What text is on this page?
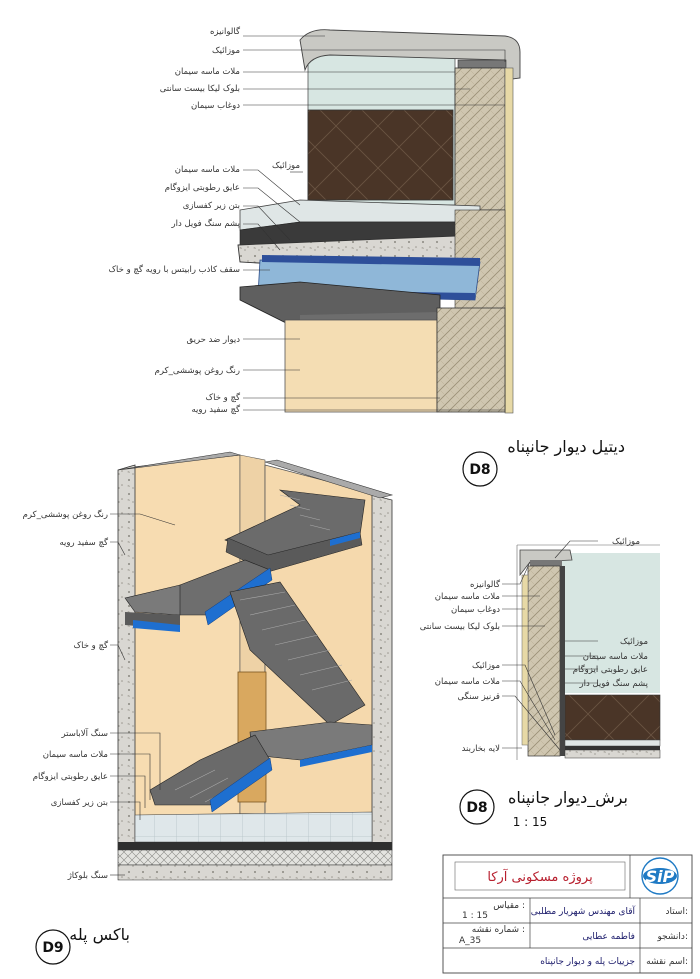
گالوانیزه
موزائیک
ملات ماسه سیمان
بلوک لیکا بیست سانتی
دوغاب سیمان
موزائیک
ملات ماسه سیمان
عایق رطوبتی ایزوگام
بتن زیر کفسازی
پشم سنگ فویل دار
سقف کاذب رابیتس با رویه گچ و خاک
دیوار ضد حریق
رنگ روغن پوششی_کرم
گچ و خاک
گچ سفید رویه
دیتیل دیوار جانپناه
D8
رنگ روغن پوششی_کرم
گچ سفید رویه
گچ و خاک
سنگ آلاباستر
ملات ماسه سیمان
عایق رطوبتی ایزوگام
بتن زیر کفسازی
سنگ بلوکاژ
باکس پله
D9
موزائیک
گالوانیزه
ملات ماسه سیمان
دوغاب سیمان
بلوک لیکا بیست سانتی
موزائیک
ملات ماسه سیمان
عایق رطوبتی ایزوگام
پشم سنگ فویل دار
موزائیک
ملات ماسه سیمان
قرنیز سنگی
لایه بخاربند
برش_دیوار جانپناه
D8
1 : 15
پروژه مسکونی آرکا	SiP
استاد:
آقای مهندس شهریار مطلبی
دانشجو:
فاطمه عطایی
اسم نقشه:
جزییات پله و دیوار جانپناه
مقیاس :
1 : 15
شماره نقشه :
A_35
